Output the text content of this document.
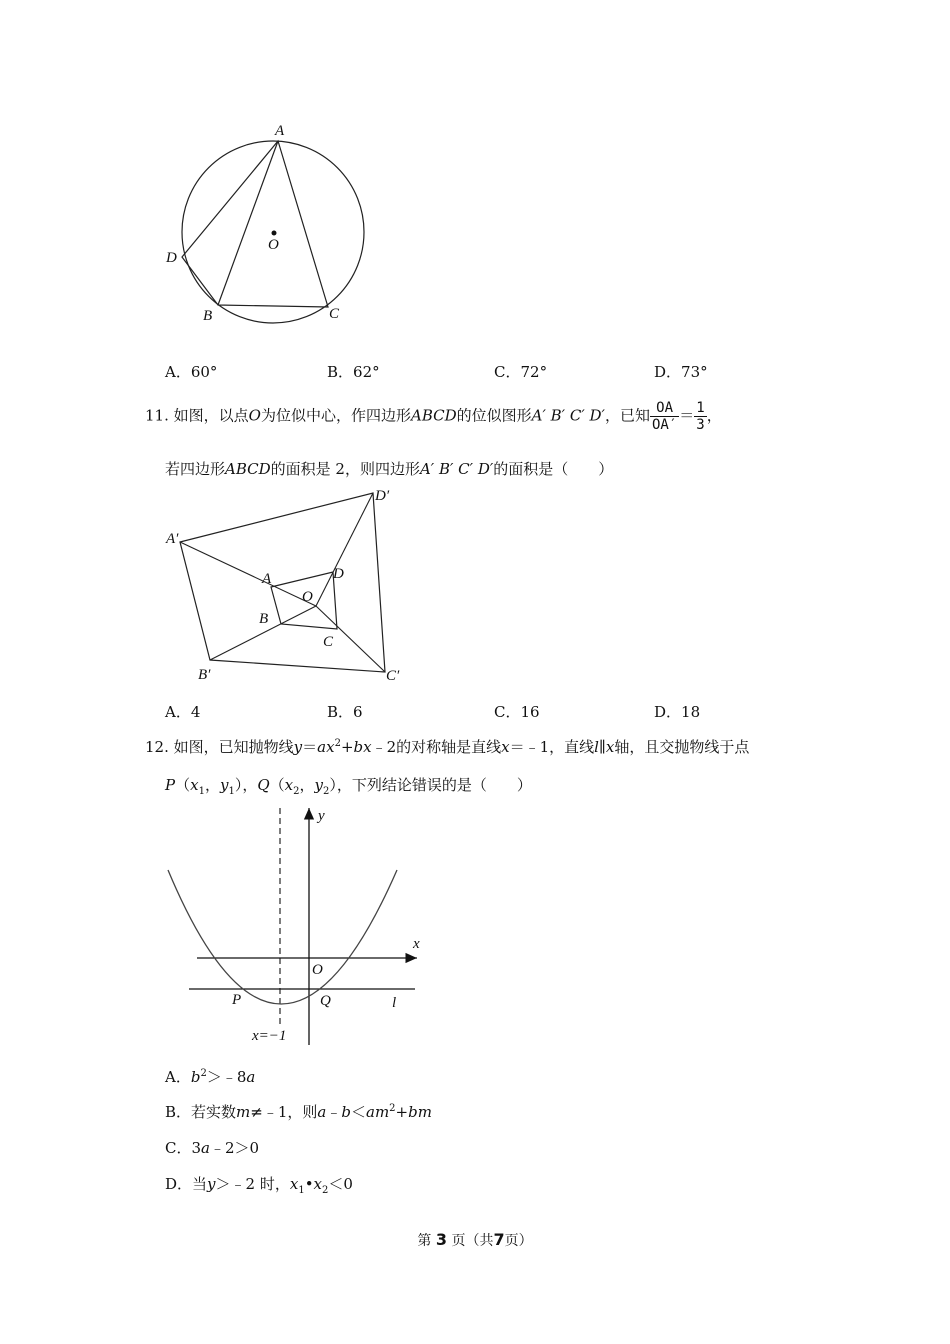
A
D
O
B	C
A．60°	B．62°	C．72°	D．73°
11. 如图，以点O为位似中心，作四边形ABCD的位似图形A′ B′ C′ D′，已知 $\frac{OA}{OA'} = \frac{1}{3}$ ，
若四边形ABCD的面积是 2，则四边形A′ B′ C′ D′的面积是（　　）
A′
D′
B′	C′
A	D
O
B
C
A．4	B．6	C．16	D．18
12. 如图，已知抛物线$y=ax^2+bx﹣2$的对称轴是直线x＝﹣1，直线l∥x轴，且交抛物线于点
$P(x_1$，$y_1$），$Q(x_2$，$y_2$），下列结论错误的是（　　）
y
x
O
P	Q	l
x=−1
A．$b^2>﹣8a$
B．若实数m≠﹣1，则$a﹣b<am^2+bm$
C．3a﹣2＞0
D．当y＞﹣2 时，$x_1•x_2<0$
第 3 页（共7页）
